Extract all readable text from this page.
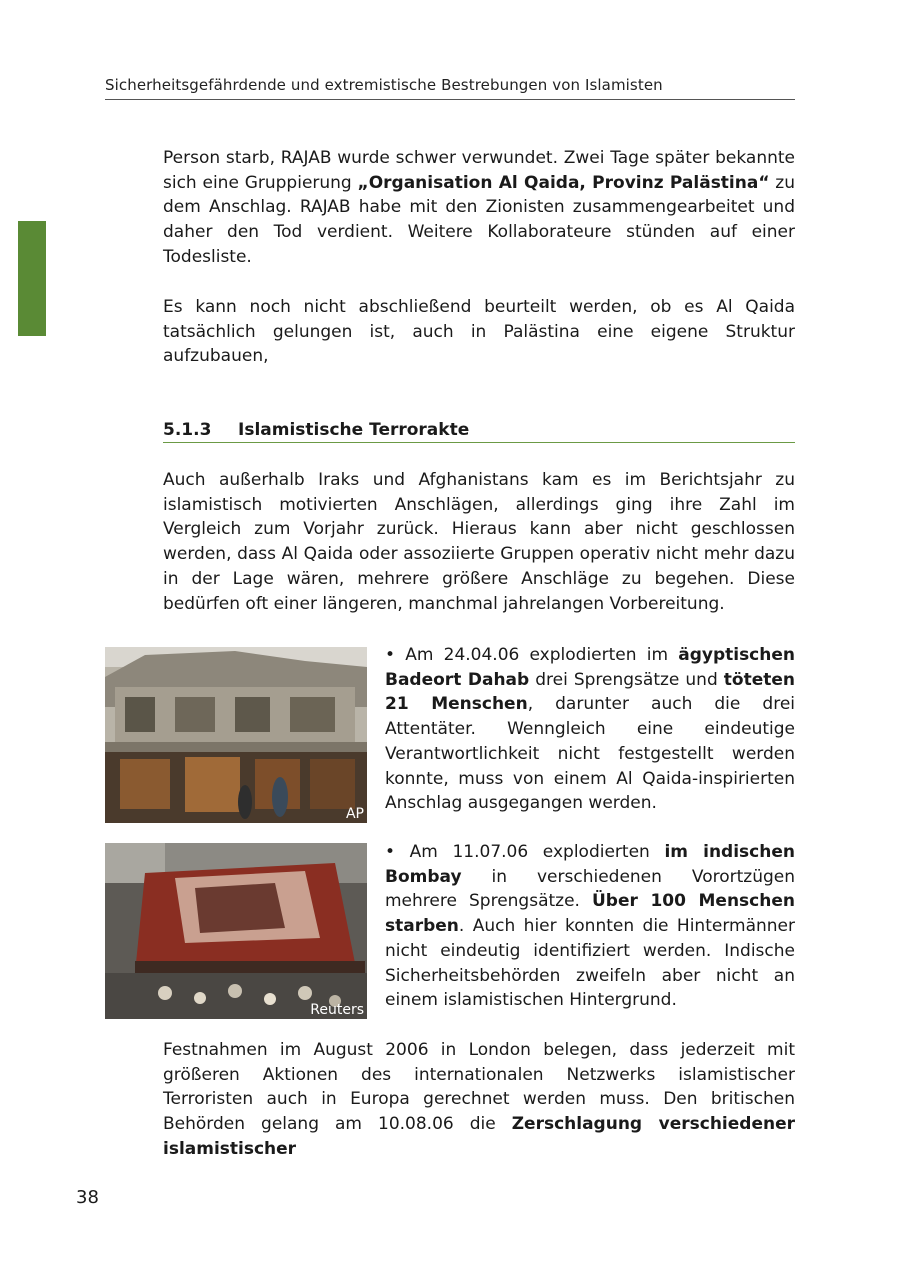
Sicherheitsgefährdende und extremistische Bestrebungen von Islamisten

Person starb, RAJAB wurde schwer verwundet. Zwei Tage später bekannte sich eine Gruppierung „Organisation Al Qaida, Provinz Palästina“ zu dem Anschlag. RAJAB habe mit den Zionisten zusammengearbeitet und daher den Tod verdient. Weitere Kollaborateure stünden auf einer Todesliste.

Es kann noch nicht abschließend beurteilt werden, ob es Al Qaida tatsächlich gelungen ist, auch in Palästina eine eigene Struktur aufzubauen,

5.1.3 Islamistische Terrorakte

Auch außerhalb Iraks und Afghanistans kam es im Berichtsjahr zu islamistisch motivierten Anschlägen, allerdings ging ihre Zahl im Vergleich zum Vorjahr zurück. Hieraus kann aber nicht geschlossen werden, dass Al Qaida oder assoziierte Gruppen operativ nicht mehr dazu in der Lage wären, mehrere größere Anschläge zu begehen. Diese bedürfen oft einer längeren, manchmal jahrelangen Vorbereitung.

AP

• Am 24.04.06 explodierten im ägyptischen Badeort Dahab drei Sprengsätze und töteten 21 Menschen, darunter auch die drei Attentäter. Wenngleich eine eindeutige Verantwortlichkeit nicht festgestellt werden konnte, muss von einem Al Qaida-inspirierten Anschlag ausgegangen werden.

Reuters

• Am 11.07.06 explodierten im indischen Bombay in verschiedenen Vorortzügen mehrere Sprengsätze. Über 100 Menschen starben. Auch hier konnten die Hintermänner nicht eindeutig identifiziert werden. Indische Sicherheitsbehörden zweifeln aber nicht an einem islamistischen Hintergrund.

Festnahmen im August 2006 in London belegen, dass jederzeit mit größeren Aktionen des internationalen Netzwerks islamistischer Terroristen auch in Europa gerechnet werden muss. Den britischen Behörden gelang am 10.08.06 die Zerschlagung verschiedener islamistischer

38
